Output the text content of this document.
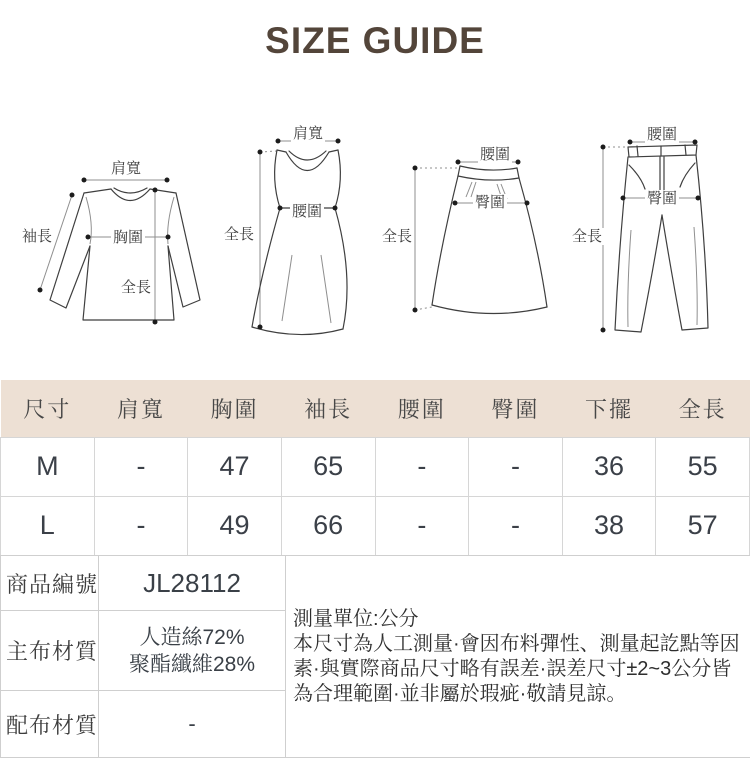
SIZE GUIDE
肩寬
袖長	胸圍
全長
肩寬
腰圍
全長
腰圍
臀圍
全長
腰圍
臀圍
全長
尺寸	肩寬	胸圍	袖長	腰圍	臀圍	下擺	全長
M	-	47	65	-	-	36	55
L	-	49	66	-	-	38	57
商品編號	JL28112	測量單位:公分
本尺寸為人工測量·會因布料彈性、測量起訖點等因素·與實際商品尺寸略有誤差·誤差尺寸±2~3公分皆為合理範圍·並非屬於瑕疵·敬請見諒。

主布材質	人造絲72%
聚酯纖維28%	

配布材質	-	
